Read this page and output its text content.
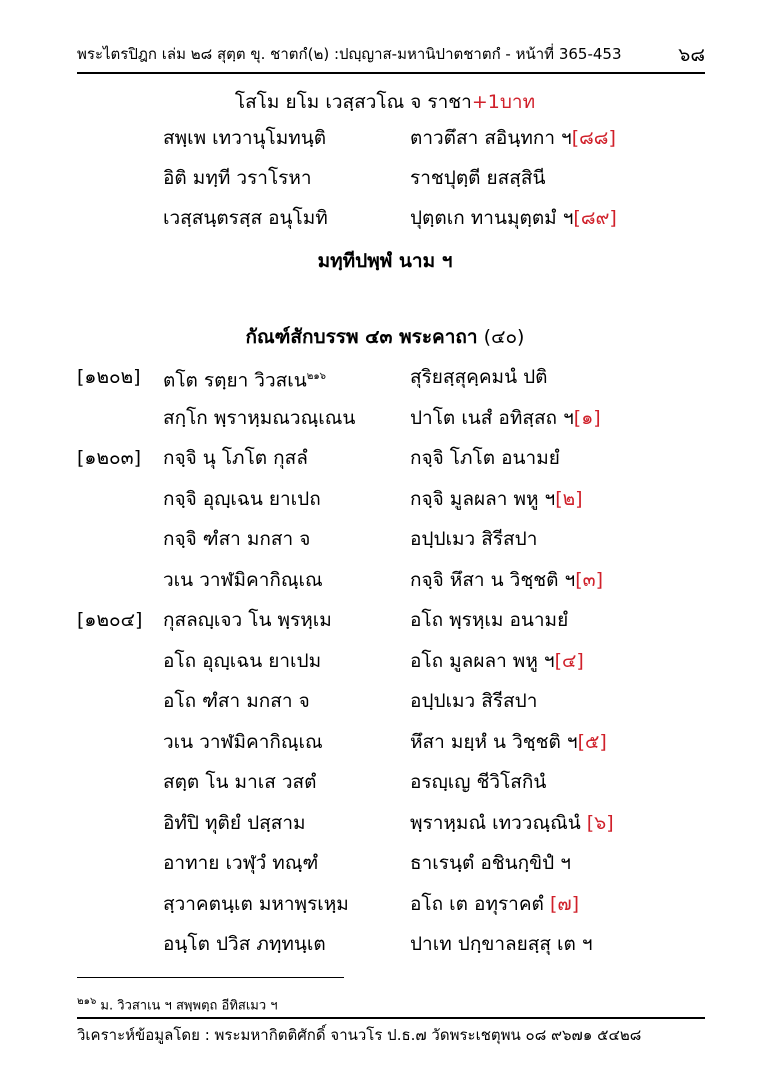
พระไตรปิฎก เล่ม ๒๘ สุตฺต ขุ. ชาตกํ(๒) :ปญฺญาส-มหานิปาตชาตกํ - หน้าที่ 365-453	๖๘
โสโม ยโม เวสฺสวโณ จ ราชา+1บาท
สพฺเพ เทวานุโมทนฺติ	ตาวตึสา สอินฺทกา ฯ[๘๘]
อิติ มทฺที วราโรหา	ราชปุตฺตี ยสสฺสินี
เวสฺสนฺตรสฺส อนุโมทิ	ปุตฺตเก ทานมุตฺตมํ ฯ[๘๙]
มทฺทีปพฺพํ นาม ฯ
กัณฑ์สักบรรพ ๔๓ พระคาถา (๔๐)
[๑๒๐๒] ตโต รตฺยา วิวสเน$^{๒๑๖}$	สุริยสฺสุคฺคมนํ ปติ
สกฺโก พฺราหฺมณวณฺเณน	ปาโต เนสํ อทิสฺสถ ฯ[๑]
[๑๒๐๓] กจฺจิ นุ โภโต กุสลํ	กจฺจิ โภโต อนามยํ
กจฺจิ อุญฺเฉน ยาเปถ	กจฺจิ มูลผลา พหู ฯ[๒]
กจฺจิ ฑํสา มกสา จ	อปฺปเมว สิรีสปา
วเน วาฬมิคากิณฺเณ	กจฺจิ หึสา น วิชฺชติ ฯ[๓]
[๑๒๐๔] กุสลญฺเจว โน พฺรหฺเม	อโถ พฺรหฺเม อนามยํ
อโถ อุญฺเฉน ยาเปม	อโถ มูลผลา พหู ฯ[๔]
อโถ ฑํสา มกสา จ	อปฺปเมว สิรีสปา
วเน วาฬมิคากิณฺเณ	หึสา มยฺหํ น วิชฺชติ ฯ[๕]
สตฺต โน มาเส วสตํ	อรญฺเญ ชีวิโสกินํ
อิทํปิ ทุติยํ ปสฺสาม	พฺราหฺมณํ เทววณฺณินํ [๖]
อาทาย เวฬุวํ ทณฺฑํ	ธาเรนฺตํ อชินกฺขิปํ ฯ
สฺวาคตนฺเต มหาพฺรเหฺม	อโถ เต อทุราคตํ [๗]
อนฺโต ปวิส ภทฺทนฺเต	ปาเท ปกฺขาลยสฺสุ เต ฯ
$^{๒๑๖}$ ม. วิวสาเน ฯ สพฺพตฺถ อีทิสเมว ฯ
วิเคราะห์ข้อมูลโดย : พระมหากิตติศักดิ์ จานวโร ป.ธ.๗ วัดพระเชตุพน ๐๘ ๙๖๗๑ ๕๔๒๘
